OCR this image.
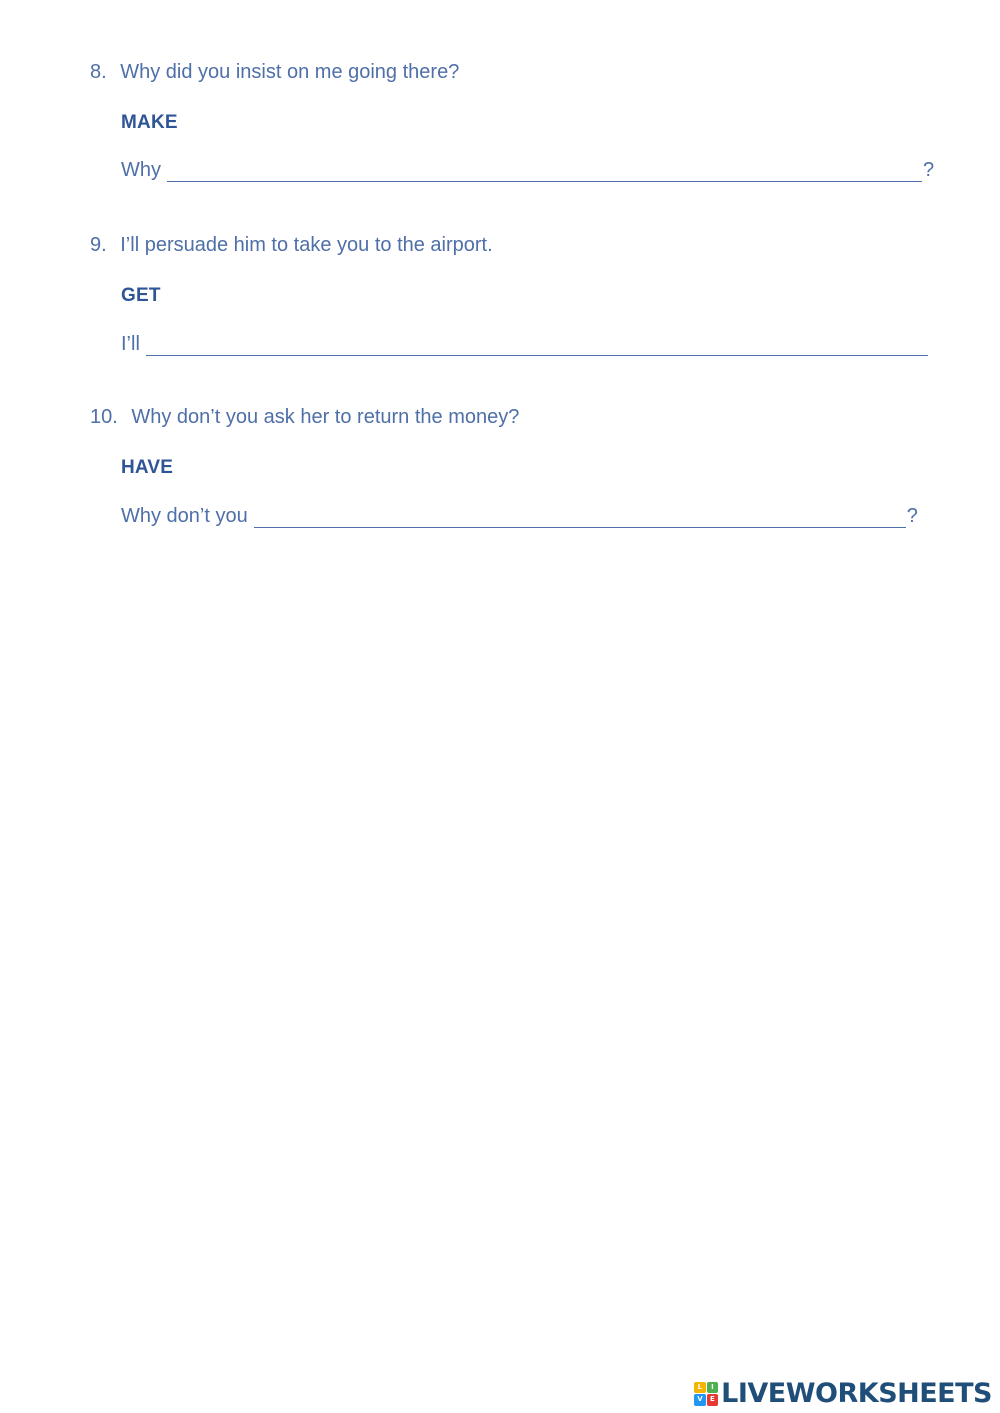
8. Why did you insist on me going there?
MAKE
Why	?
9. I’ll persuade him to take you to the airport.
GET
I’ll
10. Why don’t you ask her to return the money?
HAVE
Why don’t you	?
L	I
V	E LIVEWORKSHEETS
